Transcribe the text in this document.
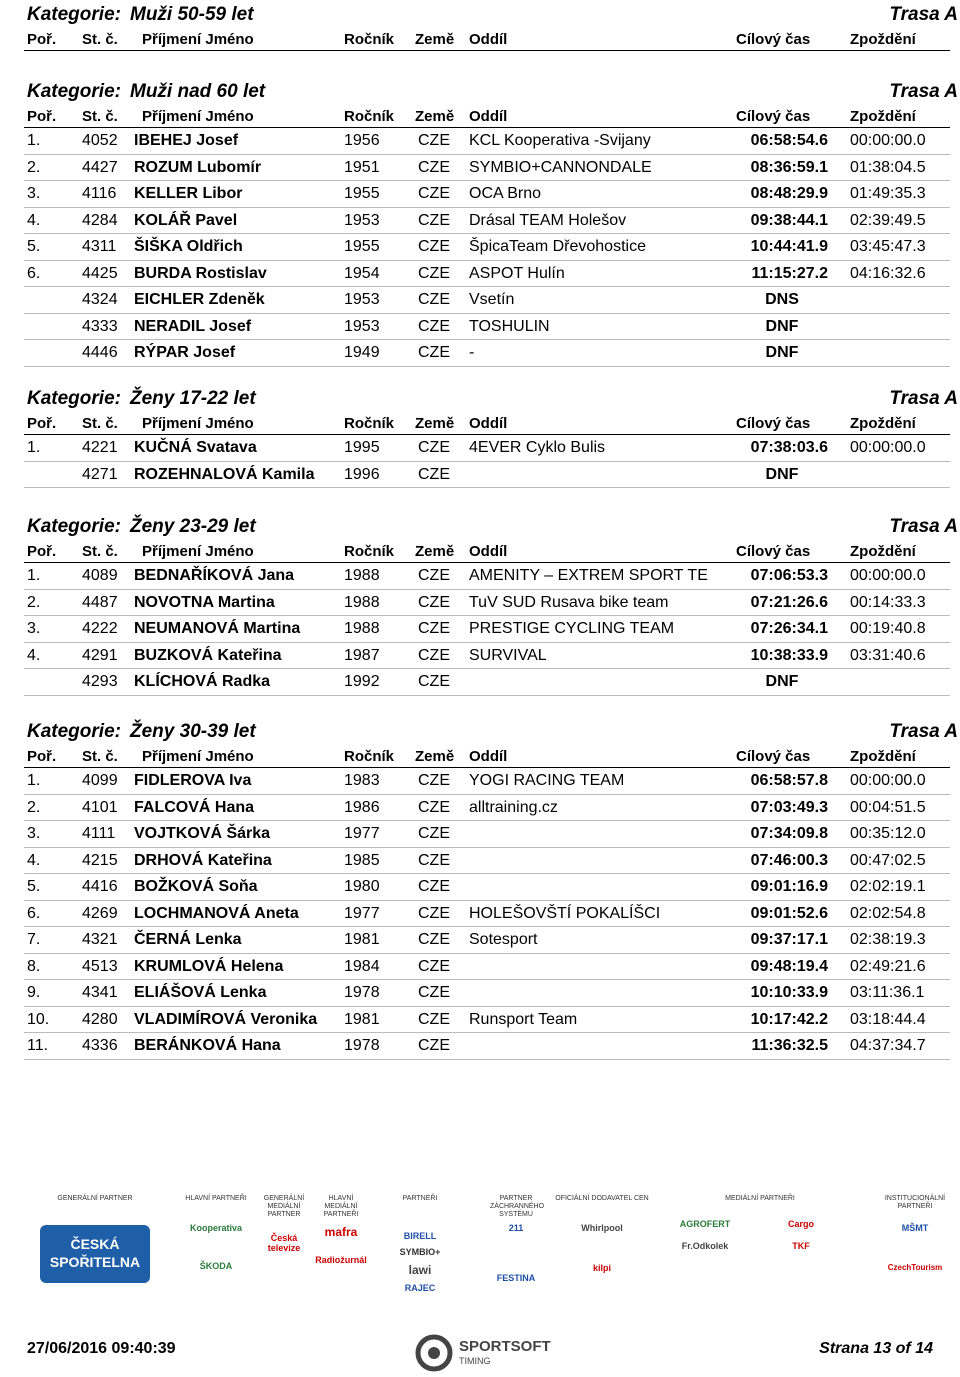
Kategorie: Muži 50-59 let	Trasa A
Poř. St. č. Příjmení Jméno	Ročník Země Oddíl	Cílový čas	Zpoždění
Kategorie: Muži nad 60 let	Trasa A
Poř. St. č. Příjmení Jméno	Ročník Země Oddíl	Cílový čas	Zpoždění
1.	4052 IBEHEJ Josef	1956 CZE KCL Kooperativa -Svijany	06:58:54.6 00:00:00.0
2.	4427 ROZUM Lubomír	1951 CZE SYMBIO+CANNONDALE	08:36:59.1 01:38:04.5
3.	4116 KELLER Libor	1955 CZE OCA Brno	08:48:29.9 01:49:35.3
4.	4284 KOLÁŘ Pavel	1953 CZE Drásal TEAM Holešov	09:38:44.1 02:39:49.5
5.	4311 ŠIŠKA Oldřich	1955 CZE ŠpicaTeam Dřevohostice	10:44:41.9 03:45:47.3
6.	4425 BURDA Rostislav	1954 CZE ASPOT Hulín	11:15:27.2 04:16:32.6
4324 EICHLER Zdeněk	1953 CZE Vsetín	DNS
4333 NERADIL Josef	1953 CZE TOSHULIN	DNF
4446 RÝPAR Josef	1949 CZE -	DNF
Kategorie: Ženy 17-22 let	Trasa A
Poř. St. č. Příjmení Jméno	Ročník Země Oddíl	Cílový čas	Zpoždění
1.	4221 KUČNÁ Svatava	1995 CZE 4EVER Cyklo Bulis	07:38:03.6 00:00:00.0
4271 ROZEHNALOVÁ Kamila 1996 CZE	DNF
Kategorie: Ženy 23-29 let	Trasa A
Poř. St. č. Příjmení Jméno	Ročník Země Oddíl	Cílový čas	Zpoždění
1.	4089 BEDNAŘÍKOVÁ Jana	1988 CZE AMENITY – EXTREM SPORT TE	07:06:53.3 00:00:00.0
2.	4487 NOVOTNA Martina	1988 CZE TuV SUD Rusava bike team	07:21:26.6 00:14:33.3
3.	4222 NEUMANOVÁ Martina	1988 CZE PRESTIGE CYCLING TEAM	07:26:34.1 00:19:40.8
4.	4291 BUZKOVÁ Kateřina	1987 CZE SURVIVAL	10:38:33.9 03:31:40.6
4293 KLÍCHOVÁ Radka	1992 CZE	DNF
Kategorie: Ženy 30-39 let	Trasa A
Poř. St. č. Příjmení Jméno	Ročník Země Oddíl	Cílový čas	Zpoždění
1.	4099 FIDLEROVA Iva	1983 CZE YOGI RACING TEAM	06:58:57.8 00:00:00.0
2.	4101 FALCOVÁ Hana	1986 CZE alltraining.cz	07:03:49.3 00:04:51.5
3.	4111 VOJTKOVÁ Šárka	1977 CZE	07:34:09.8 00:35:12.0
4.	4215 DRHOVÁ Kateřina	1985 CZE	07:46:00.3 00:47:02.5
5.	4416 BOŽKOVÁ Soňa	1980 CZE	09:01:16.9 02:02:19.1
6.	4269 LOCHMANOVÁ Aneta	1977 CZE HOLEŠOVŠTÍ POKALÍŠCI	09:01:52.6 02:02:54.8
7.	4321 ČERNÁ Lenka	1981 CZE Sotesport	09:37:17.1 02:38:19.3
8.	4513 KRUMLOVÁ Helena	1984 CZE	09:48:19.4 02:49:21.6
9.	4341 ELIÁŠOVÁ Lenka	1978 CZE	10:10:33.9 03:11:36.1
10. 4280 VLADIMÍROVÁ Veronika 1981 CZE Runsport Team	10:17:42.2 03:18:44.4
11. 4336 BERÁNKOVÁ Hana	1978 CZE	11:36:32.5 04:37:34.7
GENERÁLNÍ PARTNER
ČESKÁ SPOŘITELNA
HLAVNÍ PARTNEŘI
Kooperativa
ŠKODA
GENERÁLNÍ MEDIÁLNÍ PARTNER
Česká televize
HLAVNÍ MEDIÁLNÍ PARTNEŘI
mafra
Radiožurnál
PARTNEŘI
BIRELL
SYMBIO+
lawi
RAJEC
PARTNER ZÁCHRANNÉHO SYSTÉMU
211
FESTINA
OFICIÁLNÍ DODAVATEL CEN
Whirlpool
kilpi
MEDIÁLNÍ PARTNEŘI
AGROFERT	Cargo
Fr.Odkolek	TKF
INSTITUCIONÁLNÍ PARTNEŘI
MŠMT
CzechTourism
27/06/2016 09:40:39	SPORTSOFT
TIMING
Strana 13 of 14
